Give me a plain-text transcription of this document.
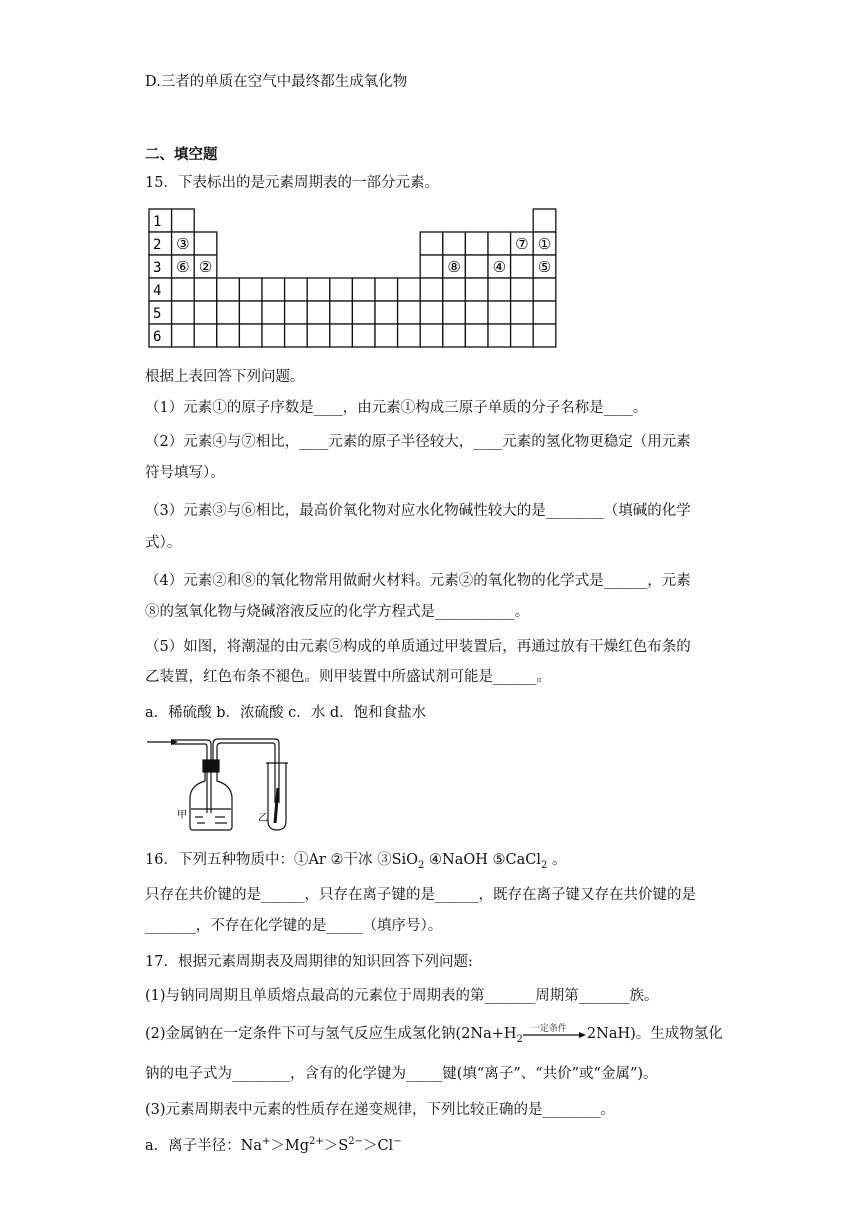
D.三者的单质在空气中最终都生成氧化物
二、填空题
15．下表标出的是元素周期表的一部分元素。
1
2
3
4
5
6
③
⑥ ②
⑦ ①
⑧ ④ ⑤
根据上表回答下列问题。
（1）元素①的原子序数是____，由元素①构成三原子单质的分子名称是____。
（2）元素④与⑦相比，____元素的原子半径较大，____元素的氢化物更稳定（用元素
符号填写）。
（3）元素③与⑥相比，最高价氧化物对应水化物碱性较大的是________（填碱的化学
式）。
（4）元素②和⑧的氧化物常用做耐火材料。元素②的氧化物的化学式是______，元素
⑧的氢氧化物与烧碱溶液反应的化学方程式是___________。
（5）如图，将潮湿的由元素⑤构成的单质通过甲装置后，再通过放有干燥红色布条的
乙装置，红色布条不褪色。则甲装置中所盛试剂可能是______。
a．稀硫酸 b．浓硫酸 c．水 d．饱和食盐水
甲	乙
16．下列五种物质中：①Ar ②干冰 ③SiO$_2$ ④NaOH ⑤CaCl$_2$ 。
只存在共价键的是______，只存在离子键的是______，既存在离子键又存在共价键的是
_______，不存在化学键的是_____（填序号）。
17．根据元素周期表及周期律的知识回答下列问题:
(1)与钠同周期且单质熔点最高的元素位于周期表的第_______周期第_______族。
(2)金属钠在一定条件下可与氢气反应生成氢化钠($2Na+H_2$
一定条件 2NaH)。生成物氢化
钠的电子式为________，含有的化学键为_____键(填“离子”、“共价”或“金属”)。
(3)元素周期表中元素的性质存在递变规律，下列比较正确的是________。
a．离子半径：$Na^+>Mg^{2+}>S^{2-}>Cl^-$
